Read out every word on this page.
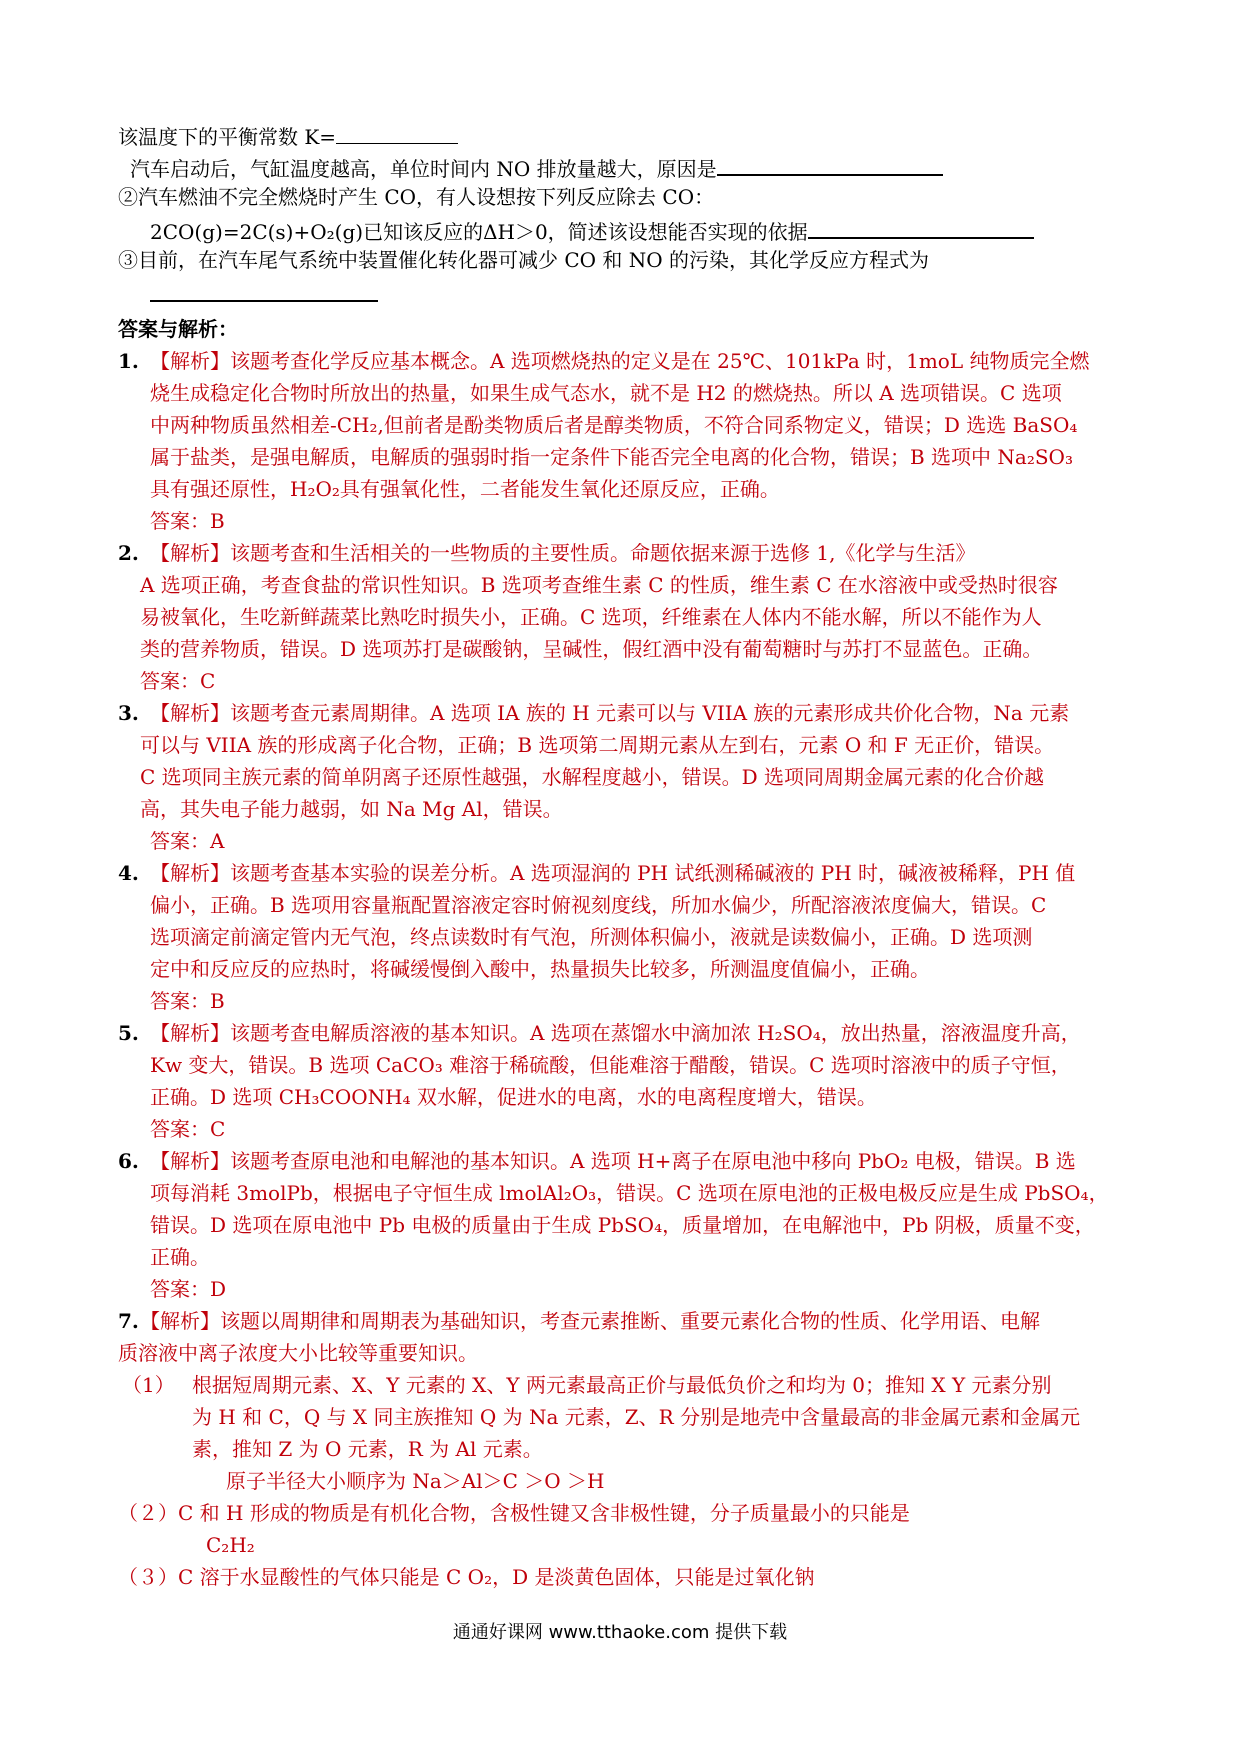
该温度下的平衡常数 K=
汽车启动后，气缸温度越高，单位时间内 NO 排放量越大，原因是
②汽车燃油不完全燃烧时产生 CO，有人设想按下列反应除去 CO：
2CO(g)=2C(s)+O₂(g)已知该反应的ΔH＞0，简述该设想能否实现的依据
③目前，在汽车尾气系统中装置催化转化器可减少 CO 和 NO 的污染，其化学反应方程式为
答案与解析：
1. 【解析】该题考查化学反应基本概念。A 选项燃烧热的定义是在 25℃、101kPa 时，1moL 纯物质完全燃
烧生成稳定化合物时所放出的热量，如果生成气态水，就不是 H2 的燃烧热。所以 A 选项错误。C 选项
中两种物质虽然相差-CH₂,但前者是酚类物质后者是醇类物质，不符合同系物定义，错误；D 选选 BaSO₄
属于盐类，是强电解质，电解质的强弱时指一定条件下能否完全电离的化合物，错误；B 选项中 Na₂SO₃
具有强还原性，H₂O₂具有强氧化性，二者能发生氧化还原反应，正确。
答案：B
2. 【解析】该题考查和生活相关的一些物质的主要性质。命题依据来源于选修 1,《化学与生活》
A 选项正确，考查食盐的常识性知识。B 选项考查维生素 C 的性质，维生素 C 在水溶液中或受热时很容
易被氧化，生吃新鲜蔬菜比熟吃时损失小，正确。C 选项，纤维素在人体内不能水解，所以不能作为人
类的营养物质，错误。D 选项苏打是碳酸钠，呈碱性，假红酒中没有葡萄糖时与苏打不显蓝色。正确。
答案：C
3. 【解析】该题考查元素周期律。A 选项 IA 族的 H 元素可以与 VIIA 族的元素形成共价化合物，Na 元素
可以与 VIIA 族的形成离子化合物，正确；B 选项第二周期元素从左到右，元素 O 和 F 无正价，错误。
C 选项同主族元素的简单阴离子还原性越强，水解程度越小，错误。D 选项同周期金属元素的化合价越
高，其失电子能力越弱，如 Na Mg Al，错误。
答案：A
4. 【解析】该题考查基本实验的误差分析。A 选项湿润的 PH 试纸测稀碱液的 PH 时，碱液被稀释，PH 值
偏小，正确。B 选项用容量瓶配置溶液定容时俯视刻度线，所加水偏少，所配溶液浓度偏大，错误。C
选项滴定前滴定管内无气泡，终点读数时有气泡，所测体积偏小，液就是读数偏小，正确。D 选项测
定中和反应反的应热时，将碱缓慢倒入酸中，热量损失比较多，所测温度值偏小，正确。
答案：B
5. 【解析】该题考查电解质溶液的基本知识。A 选项在蒸馏水中滴加浓 H₂SO₄，放出热量，溶液温度升高，
Kw 变大，错误。B 选项 CaCO₃ 难溶于稀硫酸，但能难溶于醋酸，错误。C 选项时溶液中的质子守恒，
正确。D 选项 CH₃COONH₄ 双水解，促进水的电离，水的电离程度增大，错误。
答案：C
6. 【解析】该题考查原电池和电解池的基本知识。A 选项 H+离子在原电池中移向 PbO₂ 电极，错误。B 选
项每消耗 3molPb，根据电子守恒生成 lmolAl₂O₃，错误。C 选项在原电池的正极电极反应是生成 PbSO₄，
错误。D 选项在原电池中 Pb 电极的质量由于生成 PbSO₄，质量增加，在电解池中，Pb 阴极，质量不变，
正确。
答案：D
7. 【解析】该题以周期律和周期表为基础知识，考查元素推断、重要元素化合物的性质、化学用语、电解
质溶液中离子浓度大小比较等重要知识。
（1） 根据短周期元素、X、Y 元素的 X、Y 两元素最高正价与最低负价之和均为 0；推知 X Y 元素分别
为 H 和 C，Q 与 X 同主族推知 Q 为 Na 元素，Z、R 分别是地壳中含量最高的非金属元素和金属元
素，推知 Z 为 O 元素，R 为 Al 元素。
原子半径大小顺序为 Na＞Al＞C ＞O ＞H
（２）C 和 H 形成的物质是有机化合物，含极性键又含非极性键，分子质量最小的只能是
C₂H₂
（３）C 溶于水显酸性的气体只能是 C O₂，D 是淡黄色固体，只能是过氧化钠
通通好课网 www.tthaoke.com 提供下载
